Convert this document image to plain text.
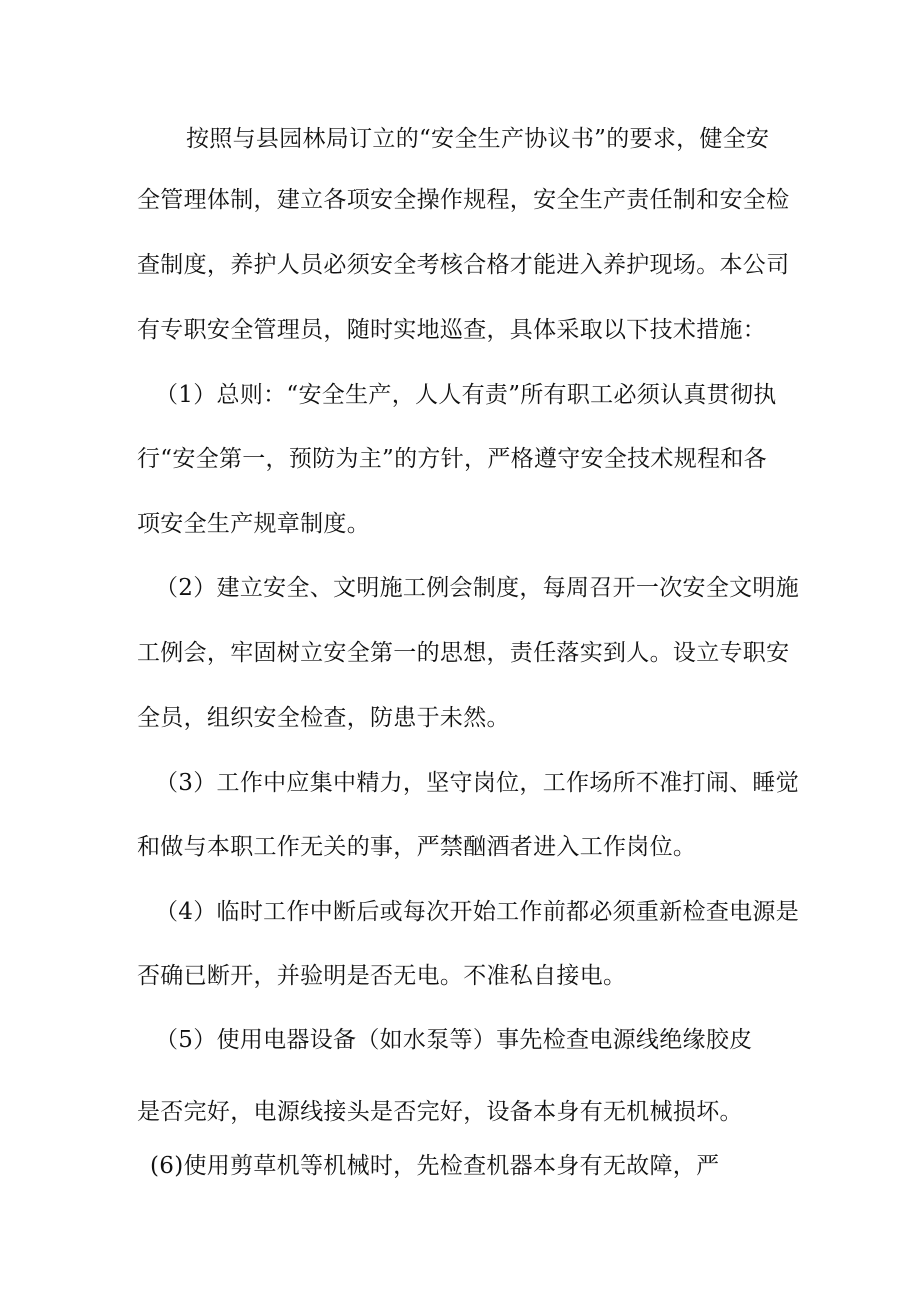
按照与县园林局订立的“安全生产协议书”的要求，健全安
全管理体制，建立各项安全操作规程，安全生产责任制和安全检
查制度，养护人员必须安全考核合格才能进入养护现场。本公司
有专职安全管理员，随时实地巡查，具体采取以下技术措施：
（1）总则：“安全生产，人人有责”所有职工必须认真贯彻执
行“安全第一，预防为主”的方针，严格遵守安全技术规程和各
项安全生产规章制度。
（2）建立安全、文明施工例会制度，每周召开一次安全文明施
工例会，牢固树立安全第一的思想，责任落实到人。设立专职安
全员，组织安全检查，防患于未然。
（3）工作中应集中精力，坚守岗位，工作场所不准打闹、睡觉
和做与本职工作无关的事，严禁酗酒者进入工作岗位。
（4）临时工作中断后或每次开始工作前都必须重新检查电源是
否确已断开，并验明是否无电。不准私自接电。
（5）使用电器设备（如水泵等）事先检查电源线绝缘胶皮
是否完好，电源线接头是否完好，设备本身有无机械损坏。
(6)使用剪草机等机械时，先检查机器本身有无故障，严
